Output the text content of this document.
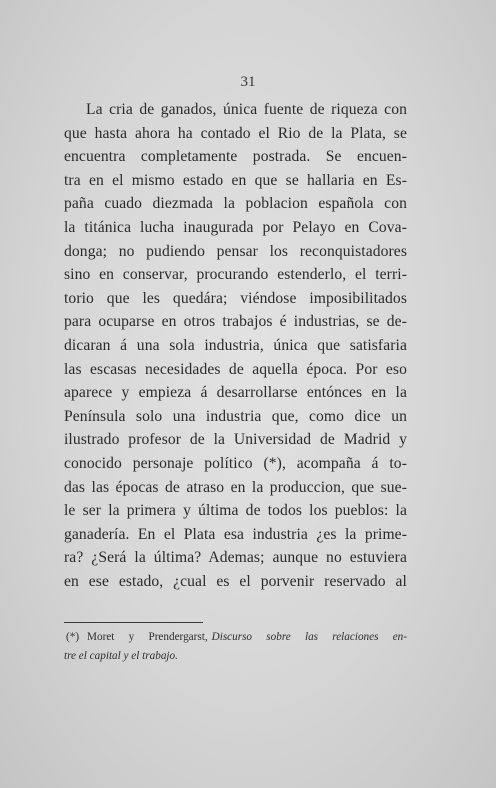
31
La cria de ganados, única fuente de riqueza con
que hasta ahora ha contado el Rio de la Plata, se
encuentra completamente postrada. Se encuen-
tra en el mismo estado en que se hallaria en Es-
paña cuado diezmada la poblacion española con
la titánica lucha inaugurada por Pelayo en Cova-
donga; no pudiendo pensar los reconquistadores
sino en conservar, procurando estenderlo, el terri-
torio que les quedára; viéndose imposibilitados
para ocuparse en otros trabajos é industrias, se de-
dicaran á una sola industria, única que satisfaria
las escasas necesidades de aquella época. Por eso
aparece y empieza á desarrollarse entónces en la
Península solo una industria que, como dice un
ilustrado profesor de la Universidad de Madrid y
conocido personaje político (*), acompaña á to-
das las épocas de atraso en la produccion, que sue-
le ser la primera y última de todos los pueblos: la
ganadería. En el Plata esa industria ¿es la prime-
ra? ¿Será la última? Ademas; aunque no estuviera
en ese estado, ¿cual es el porvenir reservado al
(*) Moret y Prendergarst, Discurso sobre las relaciones en-
tre el capital y el trabajo.
